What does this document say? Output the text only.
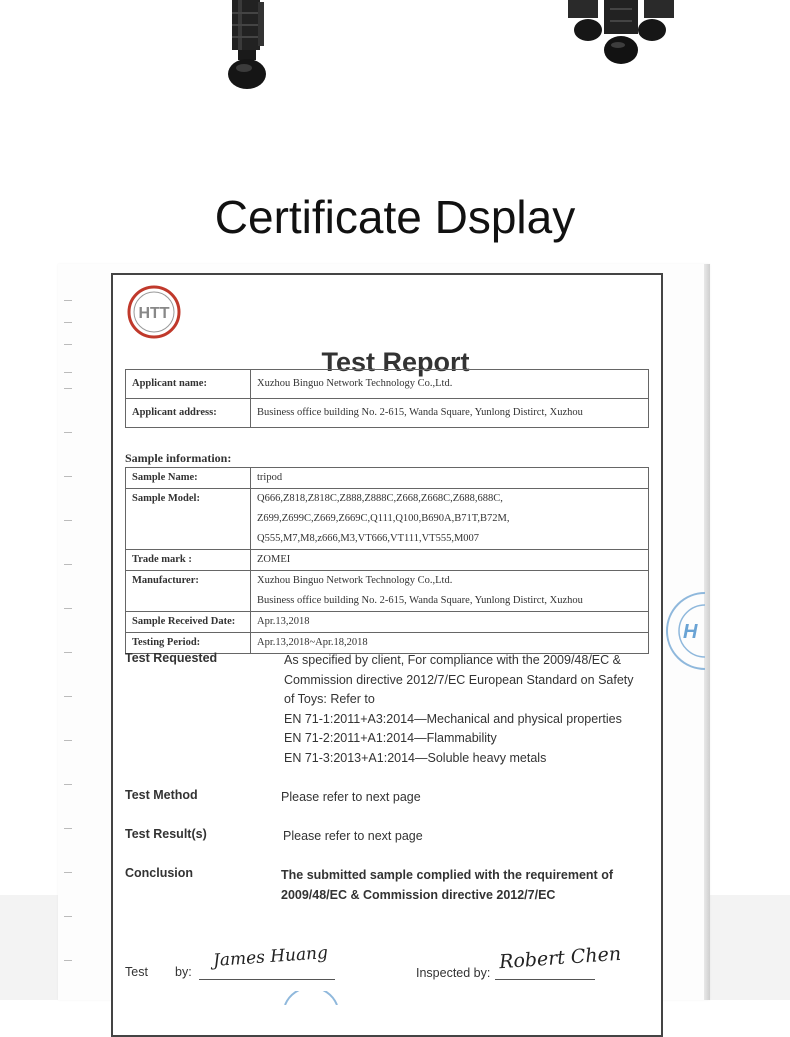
Certificate Dsplay
H
HTT
Test Report
Applicant name:	Xuzhou Binguo Network Technology Co.,Ltd.
Applicant address:	Business office building No. 2-615, Wanda Square, Yunlong Distirct, Xuzhou
Sample information:
Sample Name:	tripod
Sample Model:	Q666,Z818,Z818C,Z888,Z888C,Z668,Z668C,Z688,688C,
Z699,Z699C,Z669,Z669C,Q111,Q100,B690A,B71T,B72M,
Q555,M7,M8,z666,M3,VT666,VT111,VT555,M007

Trade mark :	ZOMEI
Manufacturer:	Xuzhou Binguo Network Technology Co.,Ltd.
Business office building No. 2-615, Wanda Square, Yunlong Distirct, Xuzhou

Sample Received Date:	Apr.13,2018
Testing Period:	Apr.13,2018~Apr.18,2018
Test Requested	As specified by client, For compliance with the 2009/48/EC &
Commission directive 2012/7/EC European Standard on Safety
of Toys: Refer to
EN 71-1:2011+A3:2014—Mechanical and physical properties
EN 71-2:2011+A1:2014—Flammability
EN 71-3:2013+A1:2014—Soluble heavy metals
Test Method	Please refer to next page
Test Result(s)	Please refer to next page
Conclusion	The submitted sample complied with the requirement of
2009/48/EC & Commission directive 2012/7/EC
Test by:
James Huang
Inspected by: Robert Chen
